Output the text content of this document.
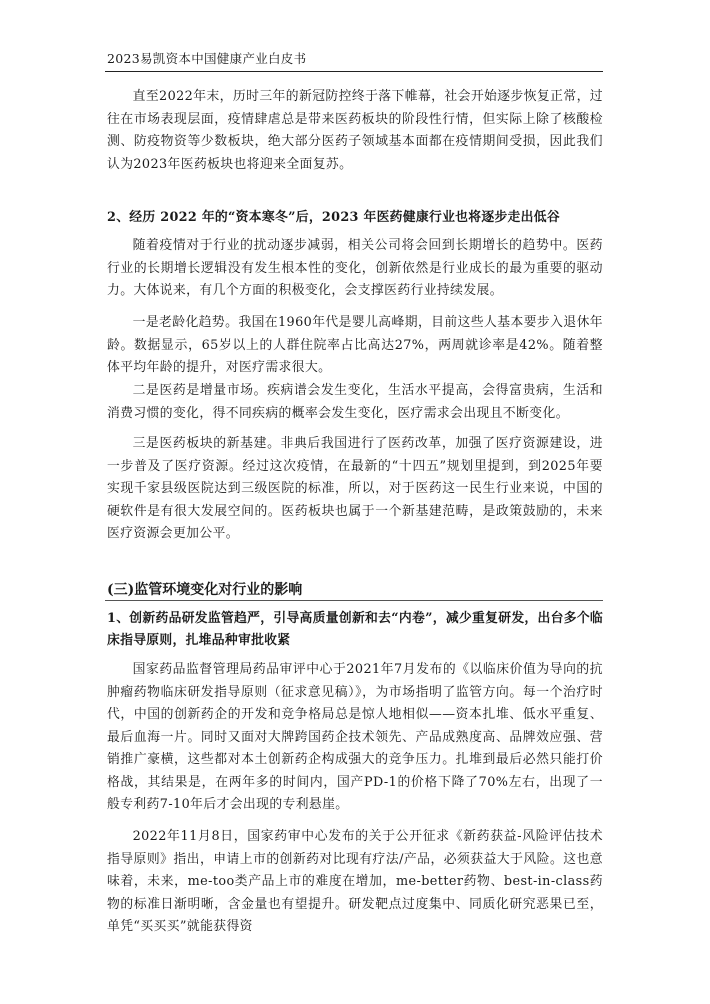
2023易凯资本中国健康产业白皮书

直至2022年末，历时三年的新冠防控终于落下帷幕，社会开始逐步恢复正常，过往在市场表现层面，疫情肆虐总是带来医药板块的阶段性行情，但实际上除了核酸检测、防疫物资等少数板块，绝大部分医药子领域基本面都在疫情期间受损，因此我们认为2023年医药板块也将迎来全面复苏。

2、经历 2022 年的“资本寒冬”后，2023 年医药健康行业也将逐步走出低谷

随着疫情对于行业的扰动逐步减弱，相关公司将会回到长期增长的趋势中。医药行业的长期增长逻辑没有发生根本性的变化，创新依然是行业成长的最为重要的驱动力。大体说来，有几个方面的积极变化，会支撑医药行业持续发展。

一是老龄化趋势。我国在1960年代是婴儿高峰期，目前这些人基本要步入退休年龄。数据显示，65岁以上的人群住院率占比高达27%，两周就诊率是42%。随着整体平均年龄的提升，对医疗需求很大。

二是医药是增量市场。疾病谱会发生变化，生活水平提高，会得富贵病，生活和消费习惯的变化，得不同疾病的概率会发生变化，医疗需求会出现且不断变化。

三是医药板块的新基建。非典后我国进行了医药改革，加强了医疗资源建设，进一步普及了医疗资源。经过这次疫情，在最新的“十四五”规划里提到，到2025年要实现千家县级医院达到三级医院的标准，所以，对于医药这一民生行业来说，中国的硬软件是有很大发展空间的。医药板块也属于一个新基建范畴，是政策鼓励的，未来医疗资源会更加公平。

(三)监管环境变化对行业的影响

1、创新药品研发监管趋严，引导高质量创新和去“内卷”，减少重复研发，出台多个临床指导原则，扎堆品种审批收紧

国家药品监督管理局药品审评中心于2021年7月发布的《以临床价值为导向的抗肿瘤药物临床研发指导原则（征求意见稿）》，为市场指明了监管方向。每一个治疗时代，中国的创新药企的开发和竞争格局总是惊人地相似——资本扎堆、低水平重复、最后血海一片。同时又面对大牌跨国药企技术领先、产品成熟度高、品牌效应强、营销推广豪横，这些都对本土创新药企构成强大的竞争压力。扎堆到最后必然只能打价格战，其结果是，在两年多的时间内，国产PD-1的价格下降了70%左右，出现了一般专利药7-10年后才会出现的专利悬崖。

2022年11月8日，国家药审中心发布的关于公开征求《新药获益-风险评估技术指导原则》指出，申请上市的创新药对比现有疗法/产品，必须获益大于风险。这也意味着，未来，me-too类产品上市的难度在增加，me-better药物、best-in-class药物的标准日渐明晰，含金量也有望提升。研发靶点过度集中、同质化研究恶果已至，单凭“买买买”就能获得资
